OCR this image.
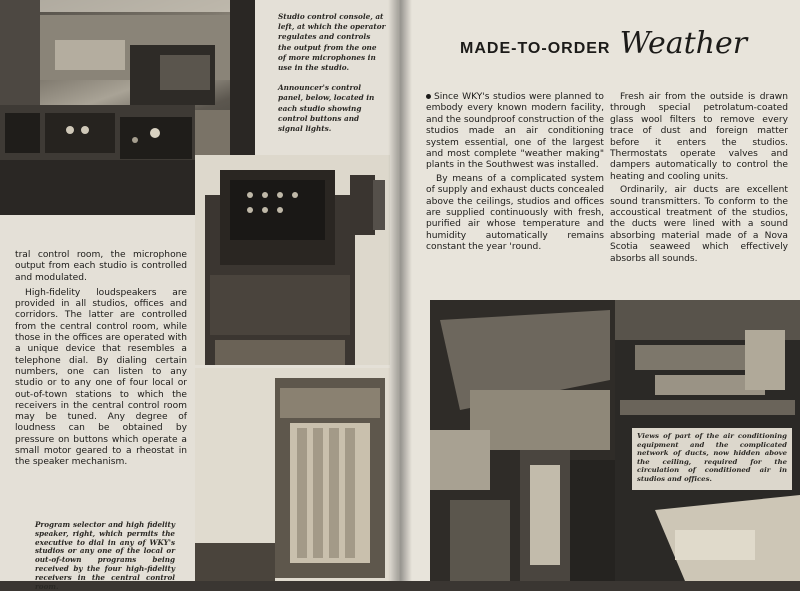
Studio control console, at left, at which the operator regulates and controls the output from the one of more microphones in use in the studio.

Announcer's control panel, below, located in each studio showing control buttons and signal lights.

tral control room, the microphone output from each studio is controlled and modulated.

High-fidelity loudspeakers are provided in all studios, offices and corridors. The latter are controlled from the central control room, while those in the offices are operated with a unique device that resembles a telephone dial. By dialing certain numbers, one can listen to any studio or to any one of four local or out-of-town stations to which the receivers in the central control room may be tuned. Any degree of loudness can be obtained by pressure on buttons which operate a small motor geared to a rheostat in the speaker mechanism.

Program selector and high fidelity speaker, right, which permits the executive to dial in any of WKY's studios or any one of the local or out-of-town programs being received by the four high-fidelity receivers in the central control room.
MADE-TO-ORDER Weather

Since WKY's studios were planned to embody every known modern facility, and the soundproof construction of the studios made an air conditioning system essential, one of the largest and most complete "weather making" plants in the Southwest was installed.

By means of a complicated system of supply and exhaust ducts concealed above the ceilings, studios and offices are supplied continuously with fresh, purified air whose temperature and humidity automatically remains constant the year 'round.

Fresh air from the outside is drawn through special petrolatum-coated glass wool filters to remove every trace of dust and foreign matter before it enters the studios. Thermostats operate valves and dampers automatically to control the heating and cooling units.

Ordinarily, air ducts are excellent sound transmitters. To conform to the accoustical treatment of the studios, the ducts were lined with a sound absorbing material made of a Nova Scotia seaweed which effectively absorbs all sounds.

Views of part of the air conditioning equipment and the complicated network of ducts, now hidden above the ceiling, required for the circulation of conditioned air in studios and offices.
